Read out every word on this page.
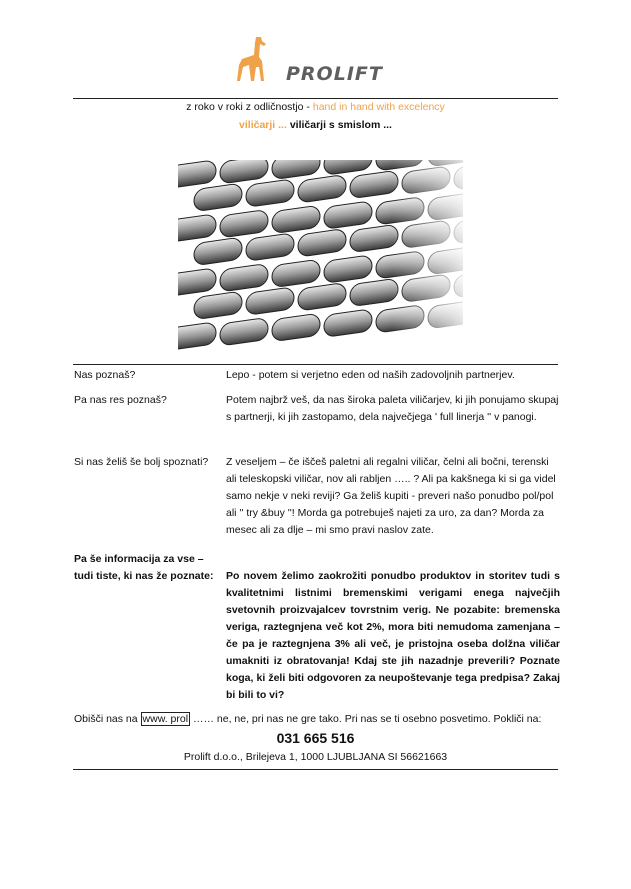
PROLIFT
z roko v roki z odličnostjo - hand in hand with excelency
viličarji ... viličarji s smislom ...
Nas poznaš?	Lepo - potem si verjetno eden od naših zadovoljnih partnerjev.
Pa nas res poznaš?	Potem najbrž veš, da nas široka paleta viličarjev, ki jih ponujamo skupaj s partnerji, ki jih zastopamo, dela največjega ' full linerja '' v panogi.
Si nas želiš še bolj spoznati? Z veseljem – če iščeš paletni ali regalni viličar, čelni ali bočni, terenski ali teleskopski viličar, nov ali rabljen ….. ? Ali pa kakšnega ki si ga videl samo nekje v neki reviji? Ga želiš kupiti - preveri našo ponudbo pol/pol ali '' try &buy ''! Morda ga potrebuješ najeti za uro, za dan? Morda za mesec ali za dlje – mi smo pravi naslov zate.
Pa še informacija za vse –
tudi tiste, ki nas že poznate: Po novem želimo zaokrožiti ponudbo produktov in storitev tudi s kvalitetnimi listnimi bremenskimi verigami enega največjih svetovnih proizvajalcev tovrstnim verig. Ne pozabite: bremenska veriga, raztegnjena več kot 2%, mora biti nemudoma zamenjana – če pa je raztegnjena 3% ali več, je pristojna oseba dolžna viličar umakniti iz obratovanja! Kdaj ste jih nazadnje preverili? Poznate koga, ki želi biti odgovoren za neupoštevanje tega predpisa? Zakaj bi bili to vi?
Obišči nas na www. prol …… ne, ne, pri nas ne gre tako. Pri nas se ti osebno posvetimo. Pokliči na:
031 665 516
Prolift d.o.o., Brilejeva 1, 1000 LJUBLJANA SI 56621663
